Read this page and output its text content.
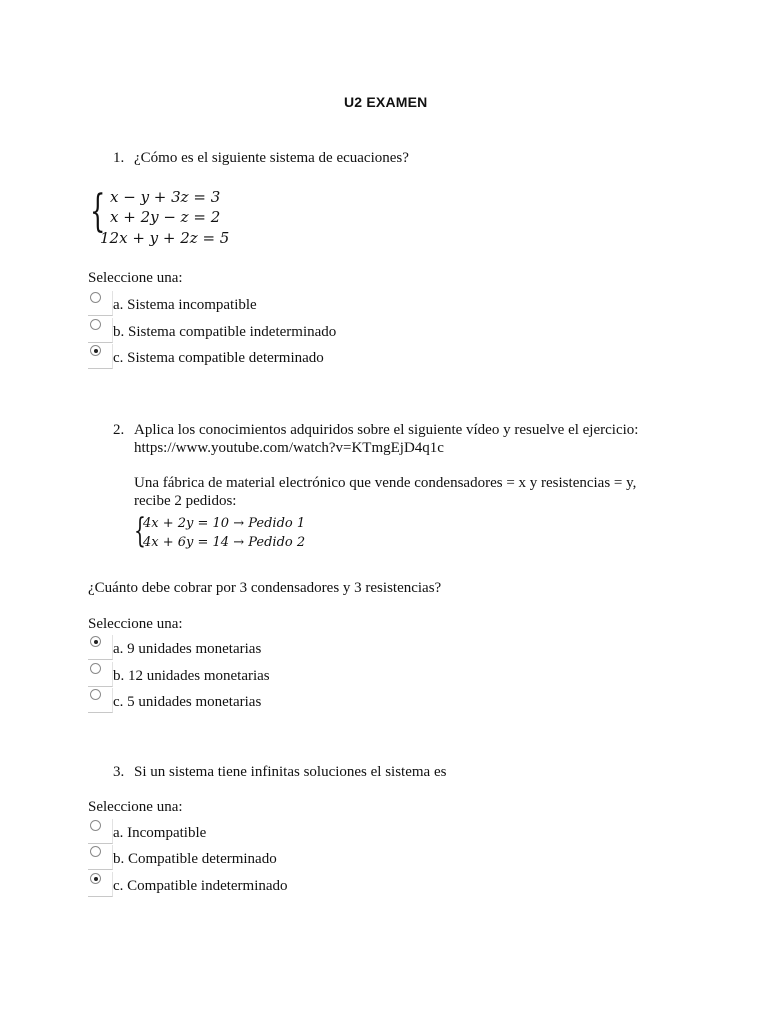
U2 EXAMEN
1. ¿Cómo es el siguiente sistema de ecuaciones?
{ x − y + 3z = 3
x + 2y − z = 2
12x + y + 2z = 5
Seleccione una:
a. Sistema incompatible
b. Sistema compatible indeterminado
c. Sistema compatible determinado
2. Aplica los conocimientos adquiridos sobre el siguiente vídeo y resuelve el ejercicio:
https://www.youtube.com/watch?v=KTmgEjD4q1c
Una fábrica de material electrónico que vende condensadores = x y resistencias = y,
recibe 2 pedidos:
{
4x + 2y = 10 → Pedido 1
4x + 6y = 14 → Pedido 2
¿Cuánto debe cobrar por 3 condensadores y 3 resistencias?
Seleccione una:
a. 9 unidades monetarias
b. 12 unidades monetarias
c. 5 unidades monetarias
3. Si un sistema tiene infinitas soluciones el sistema es
Seleccione una:
a. Incompatible
b. Compatible determinado
c. Compatible indeterminado
